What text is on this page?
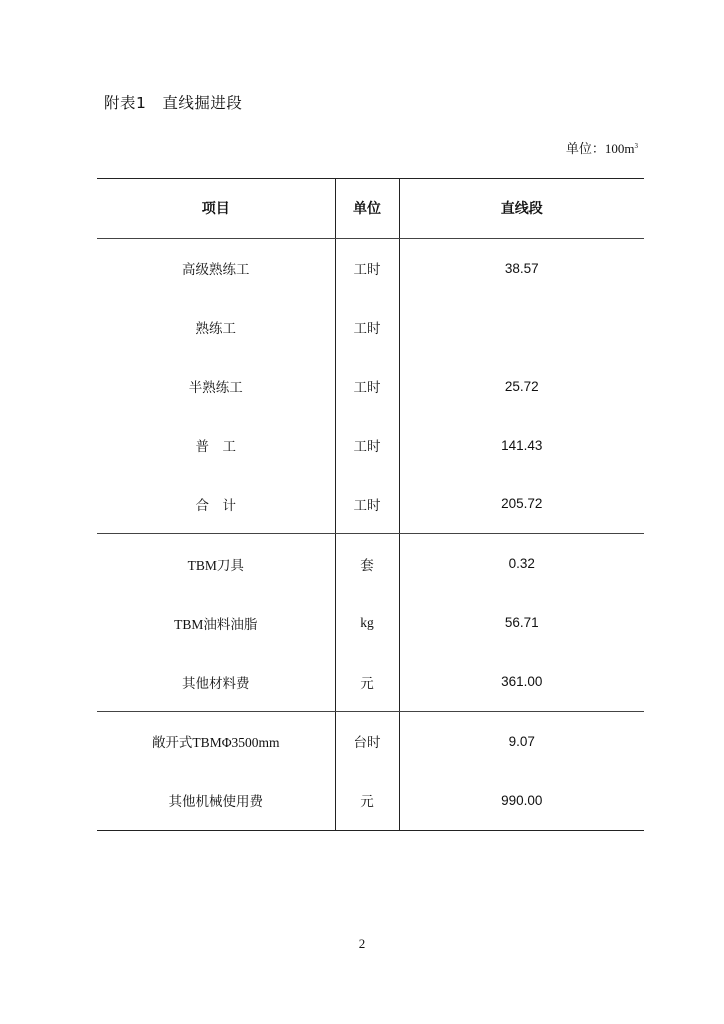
附表1 直线掘进段
单位：$100m^3$
项目	单位	直线段
高级熟练工	工时	38.57
熟练工	工时	
半熟练工	工时	25.72
普　工	工时	141.43
合　计	工时	205.72
TBM刀具	套	0.32
TBM油料油脂	kg	56.71
其他材料费	元	361.00
敞开式TBMΦ3500mm	台时	9.07
其他机械使用费	元	990.00
2
